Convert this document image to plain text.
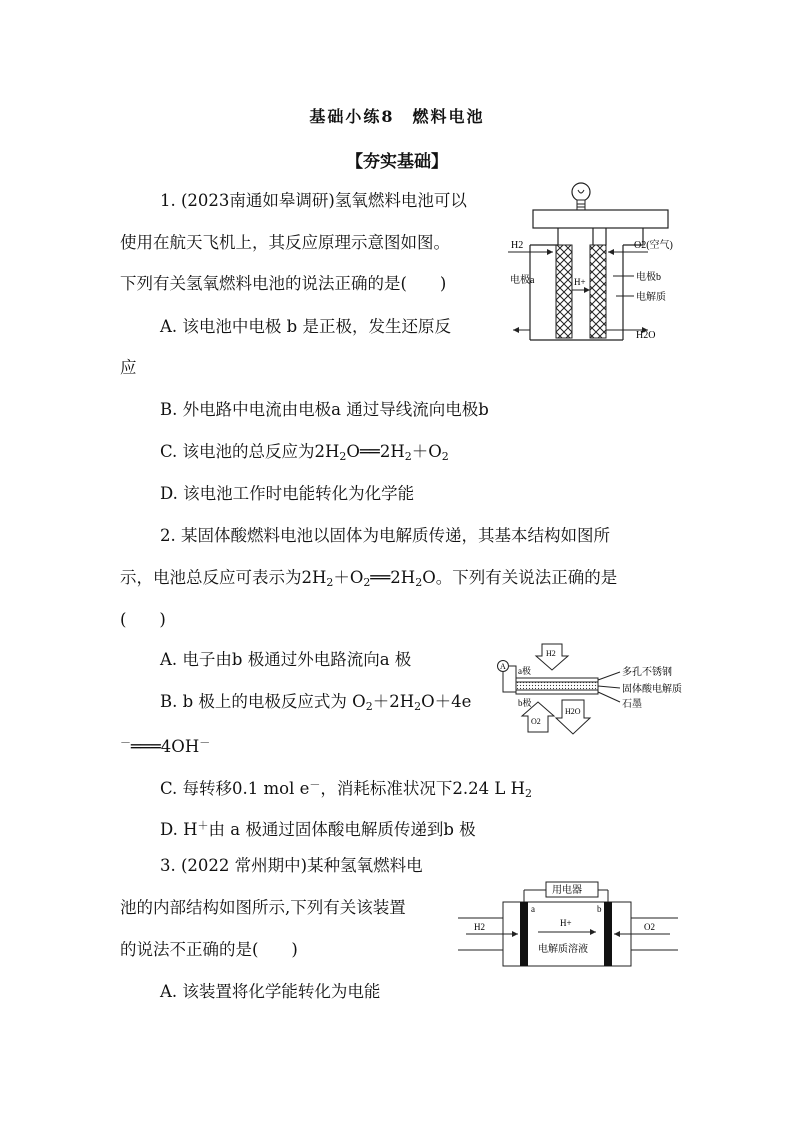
基础小练8　燃料电池
【夯实基础】
1. (2023南通如皋调研)氢氧燃料电池可以
使用在航天飞机上，其反应原理示意图如图。
下列有关氢氧燃料电池的说法正确的是(　　)
A. 该电池中电极 b 是正极，发生还原反
应
B. 外电路中电流由电极a 通过导线流向电极b
C. 该电池的总反应为$2H_2O══2H_2+O_2$
D. 该电池工作时电能转化为化学能
H2	O2(空气)
电极a	H+	电极b
电解质
H2O
2. 某固体酸燃料电池以固体为电解质传递，其基本结构如图所
示，电池总反应可表示为$2H_2+O_2══2H_2O$。下列有关说法正确的是
(　　)
A. 电子由b 极通过外电路流向a 极
B. b 极上的电极反应式为 $O_2+2H_2O+4e$
－═══4OH－
C. 每转移0.1 mol e－，消耗标准状况下2.24 L $H_2$
D. H＋由 a 极通过固体酸电解质传递到b 极
A
H2
O2
H2O
a极
b极
多孔不锈钢
固体酸电解质
石墨
3. (2022 常州期中)某种氢氧燃料电
池的内部结构如图所示,下列有关该装置
的说法不正确的是(　　)
A. 该装置将化学能转化为电能
用电器
a	b
H+
H2	O2
电解质溶液
